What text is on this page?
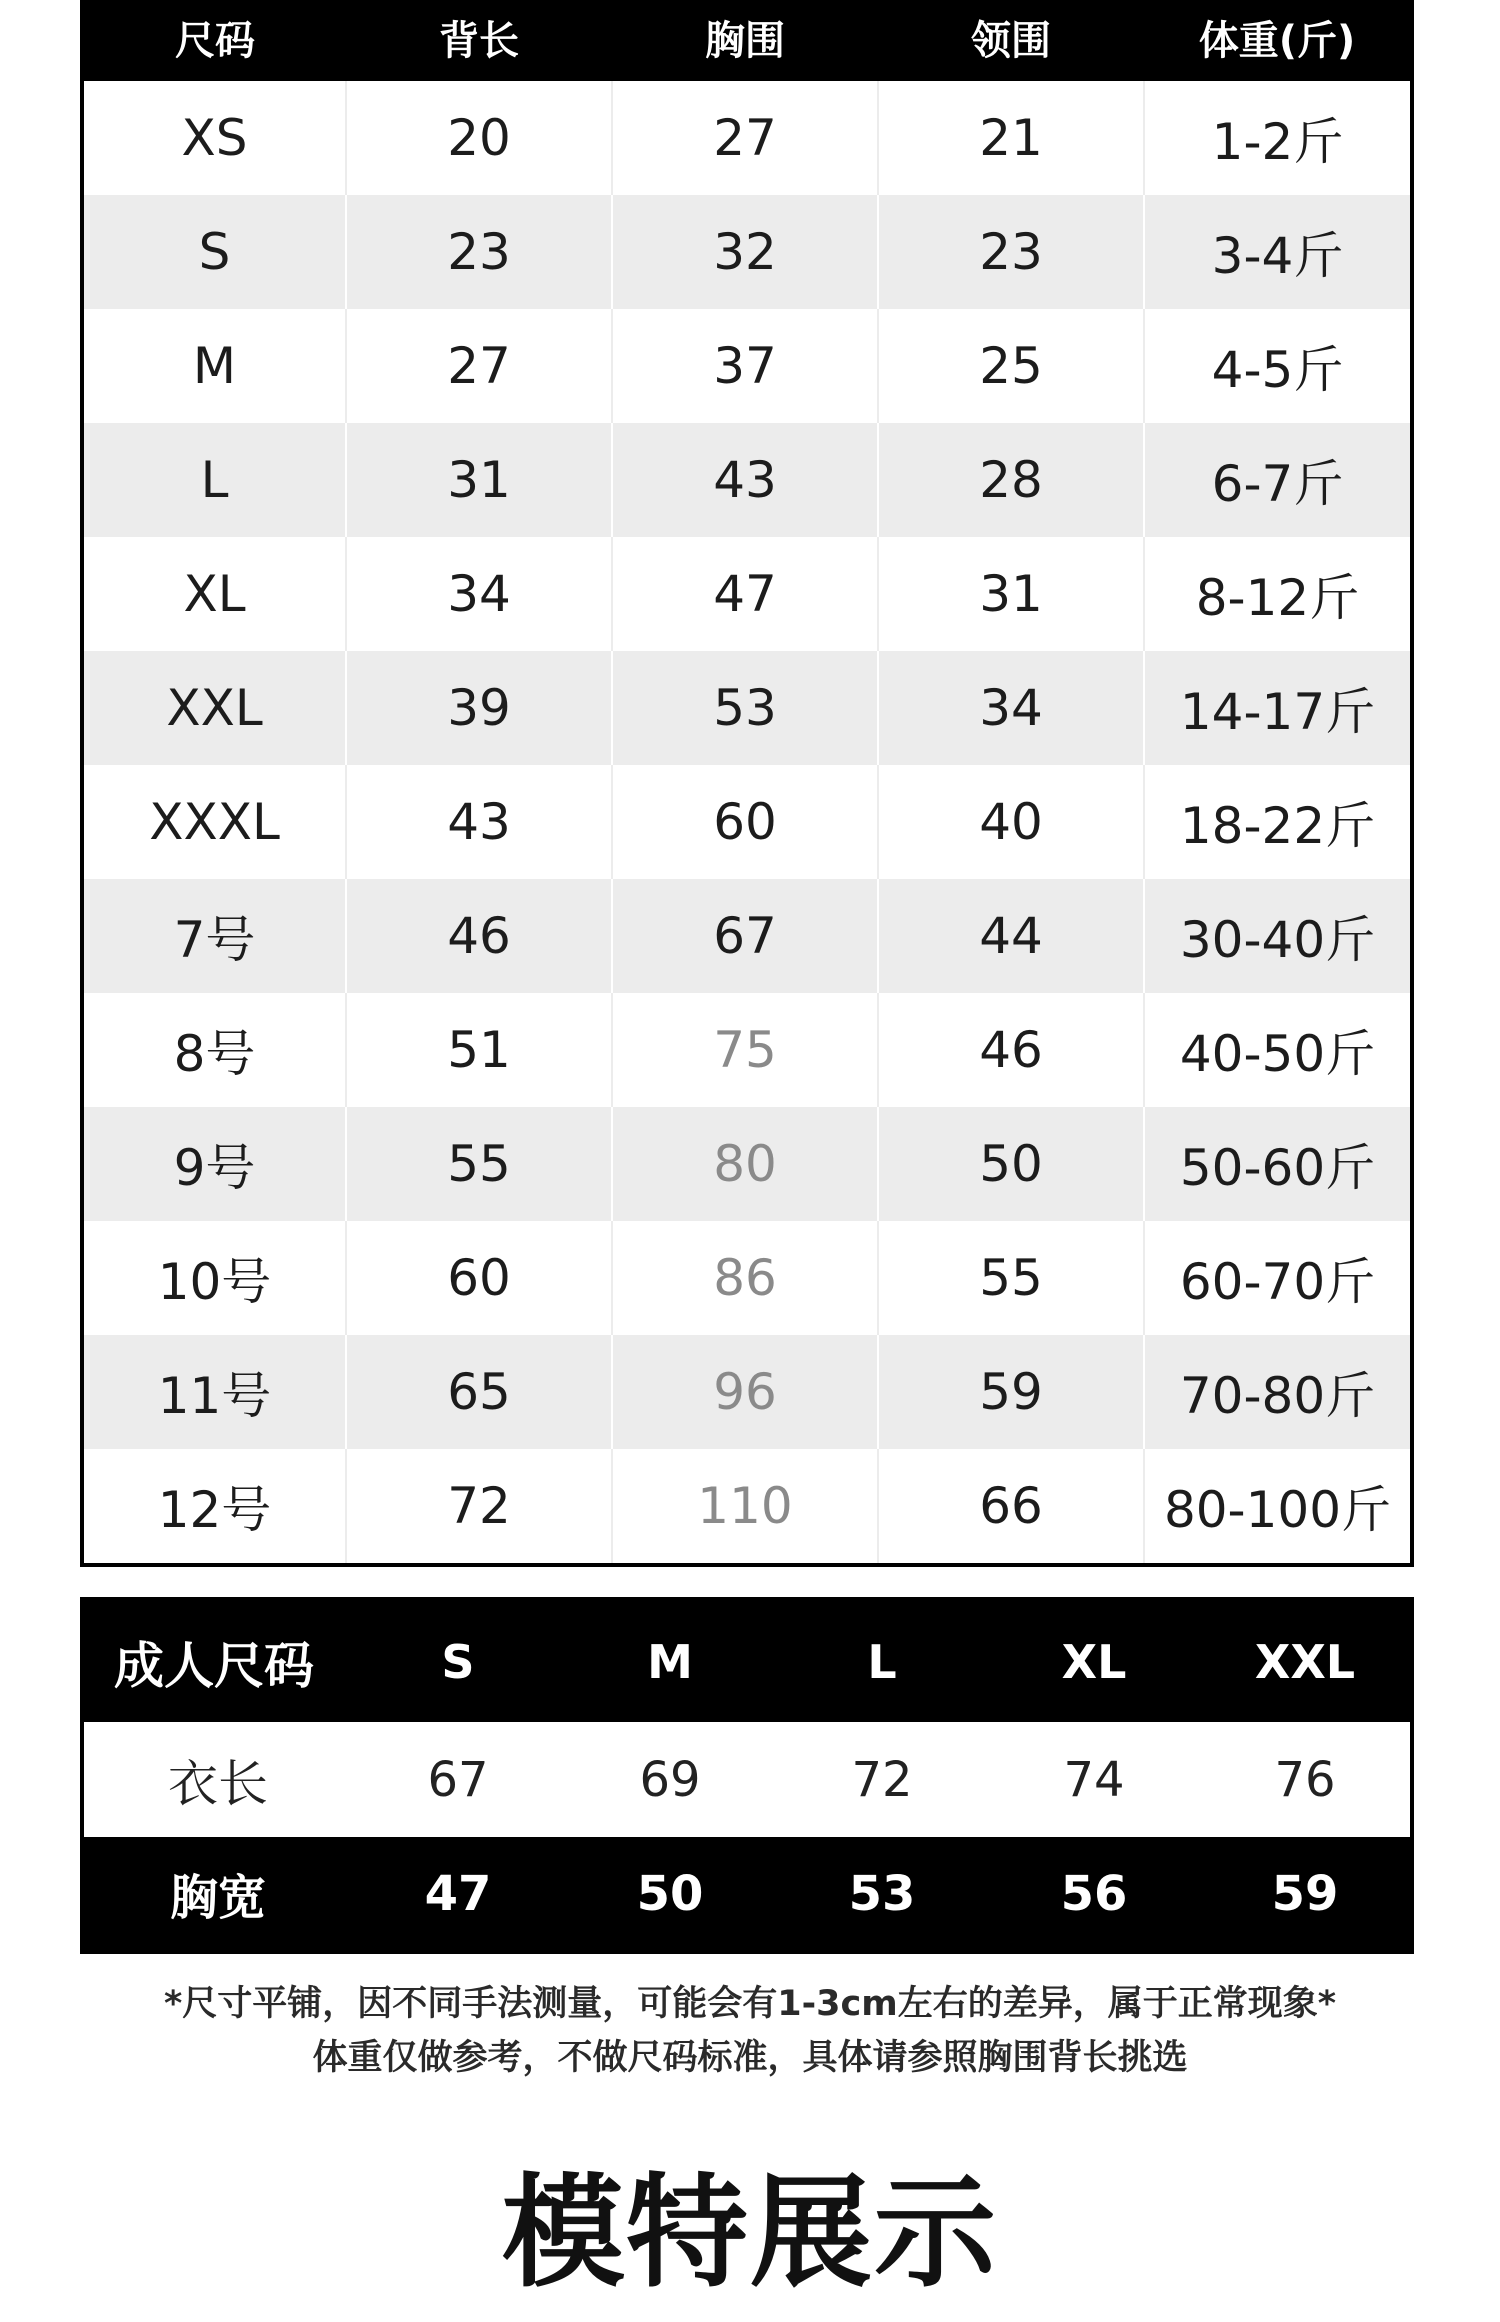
尺码	背长	胸围	领围	体重(斤)
XS	20	27	21	1-2斤
S	23	32	23	3-4斤
M	27	37	25	4-5斤
L	31	43	28	6-7斤
XL	34	47	31	8-12斤
XXL	39	53	34	14-17斤
XXXL	43	60	40	18-22斤
7号	46	67	44	30-40斤
8号	51	75	46	40-50斤
9号	55	80	50	50-60斤
10号	60	86	55	60-70斤
11号	65	96	59	70-80斤
12号	72	110	66	80-100斤
成人尺码	S	M	L	XL	XXL
衣长	67	69	72	74	76
胸宽	47	50	53	56	59
*尺寸平铺，因不同手法测量，可能会有1-3cm左右的差异，属于正常现象*
体重仅做参考，不做尺码标准，具体请参照胸围背长挑选
模特展示
